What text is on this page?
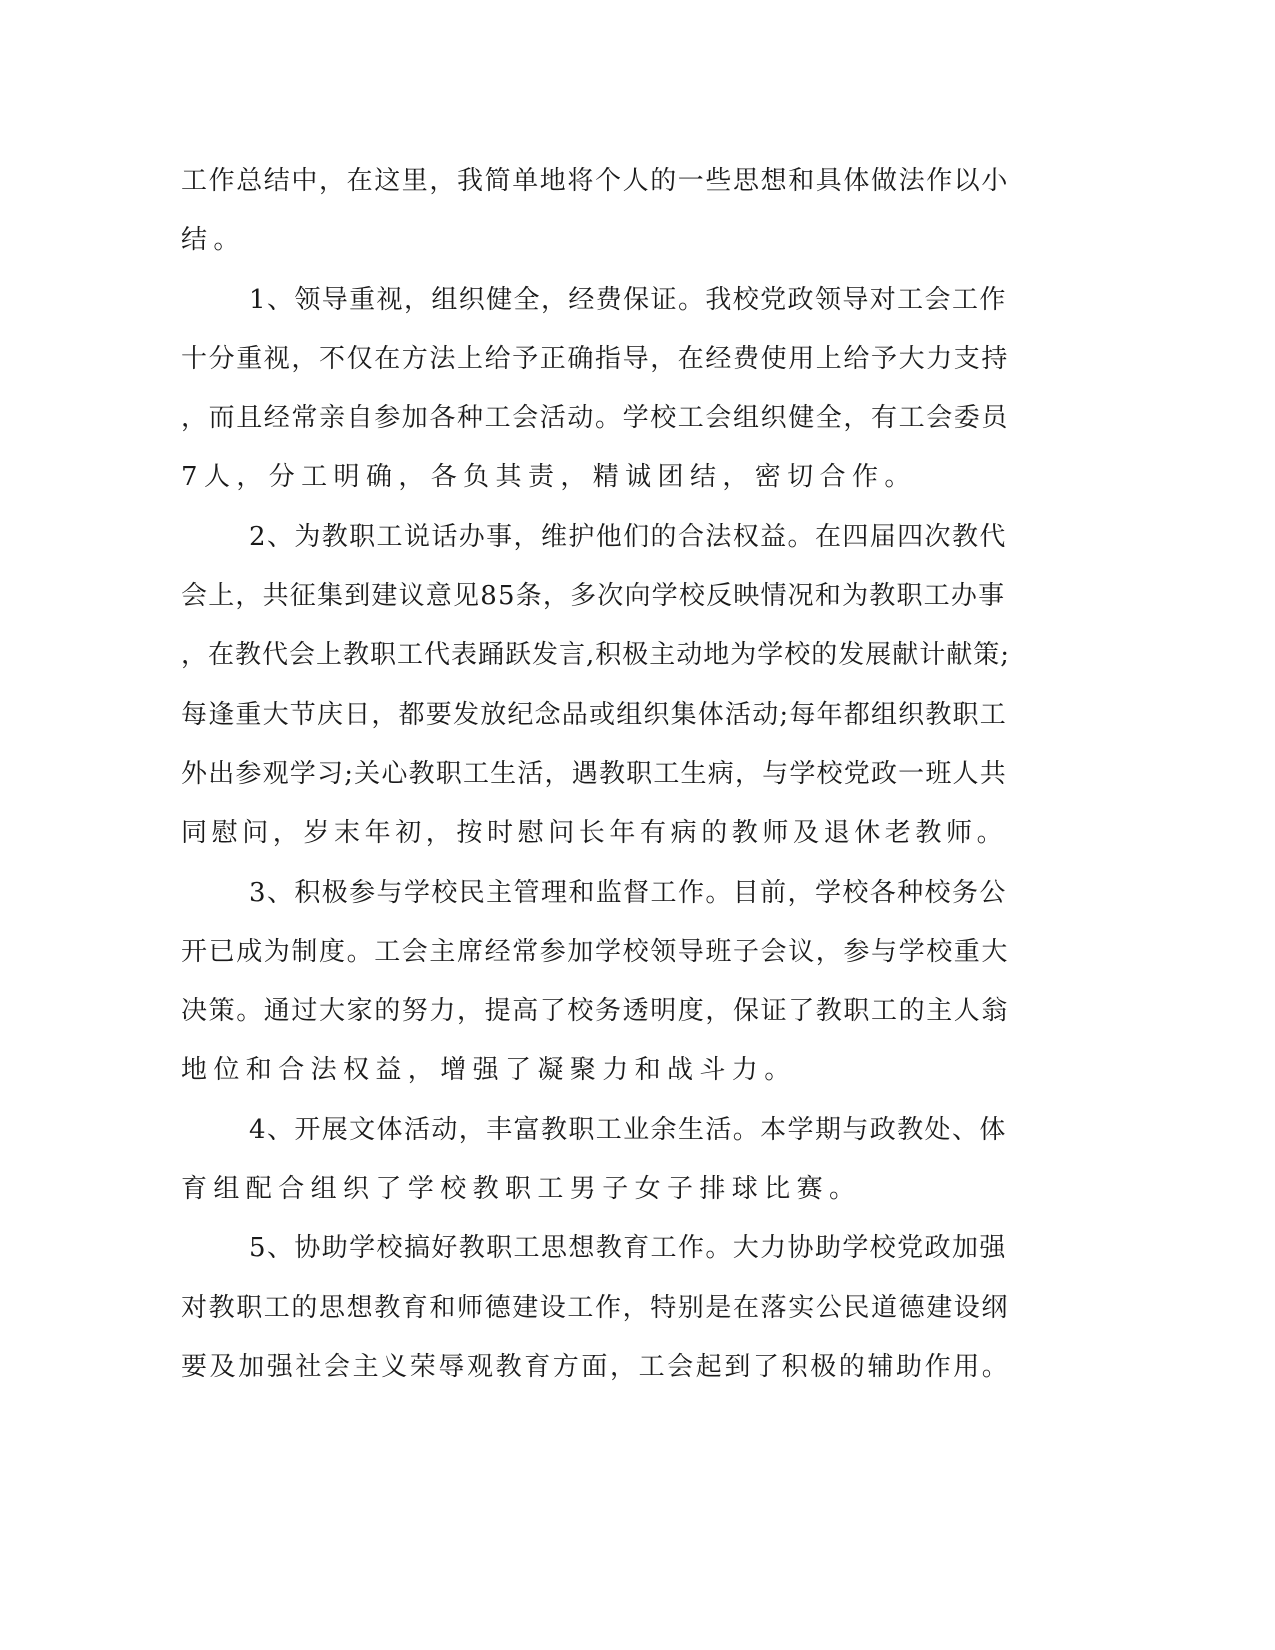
工作总结中，在这里，我简单地将个人的一些思想和具体做法作以小
结。
1、领导重视，组织健全，经费保证。我校党政领导对工会工作
十分重视，不仅在方法上给予正确指导，在经费使用上给予大力支持
，而且经常亲自参加各种工会活动。学校工会组织健全，有工会委员
7人，分工明确，各负其责，精诚团结，密切合作。
2、为教职工说话办事，维护他们的合法权益。在四届四次教代
会上，共征集到建议意见85条，多次向学校反映情况和为教职工办事
，在教代会上教职工代表踊跃发言,积极主动地为学校的发展献计献策;
每逢重大节庆日，都要发放纪念品或组织集体活动;每年都组织教职工
外出参观学习;关心教职工生活，遇教职工生病，与学校党政一班人共
同慰问，岁末年初，按时慰问长年有病的教师及退休老教师。
3、积极参与学校民主管理和监督工作。目前，学校各种校务公
开已成为制度。工会主席经常参加学校领导班子会议，参与学校重大
决策。通过大家的努力，提高了校务透明度，保证了教职工的主人翁
地位和合法权益，增强了凝聚力和战斗力。
4、开展文体活动，丰富教职工业余生活。本学期与政教处、体
育组配合组织了学校教职工男子女子排球比赛。
5、协助学校搞好教职工思想教育工作。大力协助学校党政加强
对教职工的思想教育和师德建设工作，特别是在落实公民道德建设纲
要及加强社会主义荣辱观教育方面，工会起到了积极的辅助作用。
